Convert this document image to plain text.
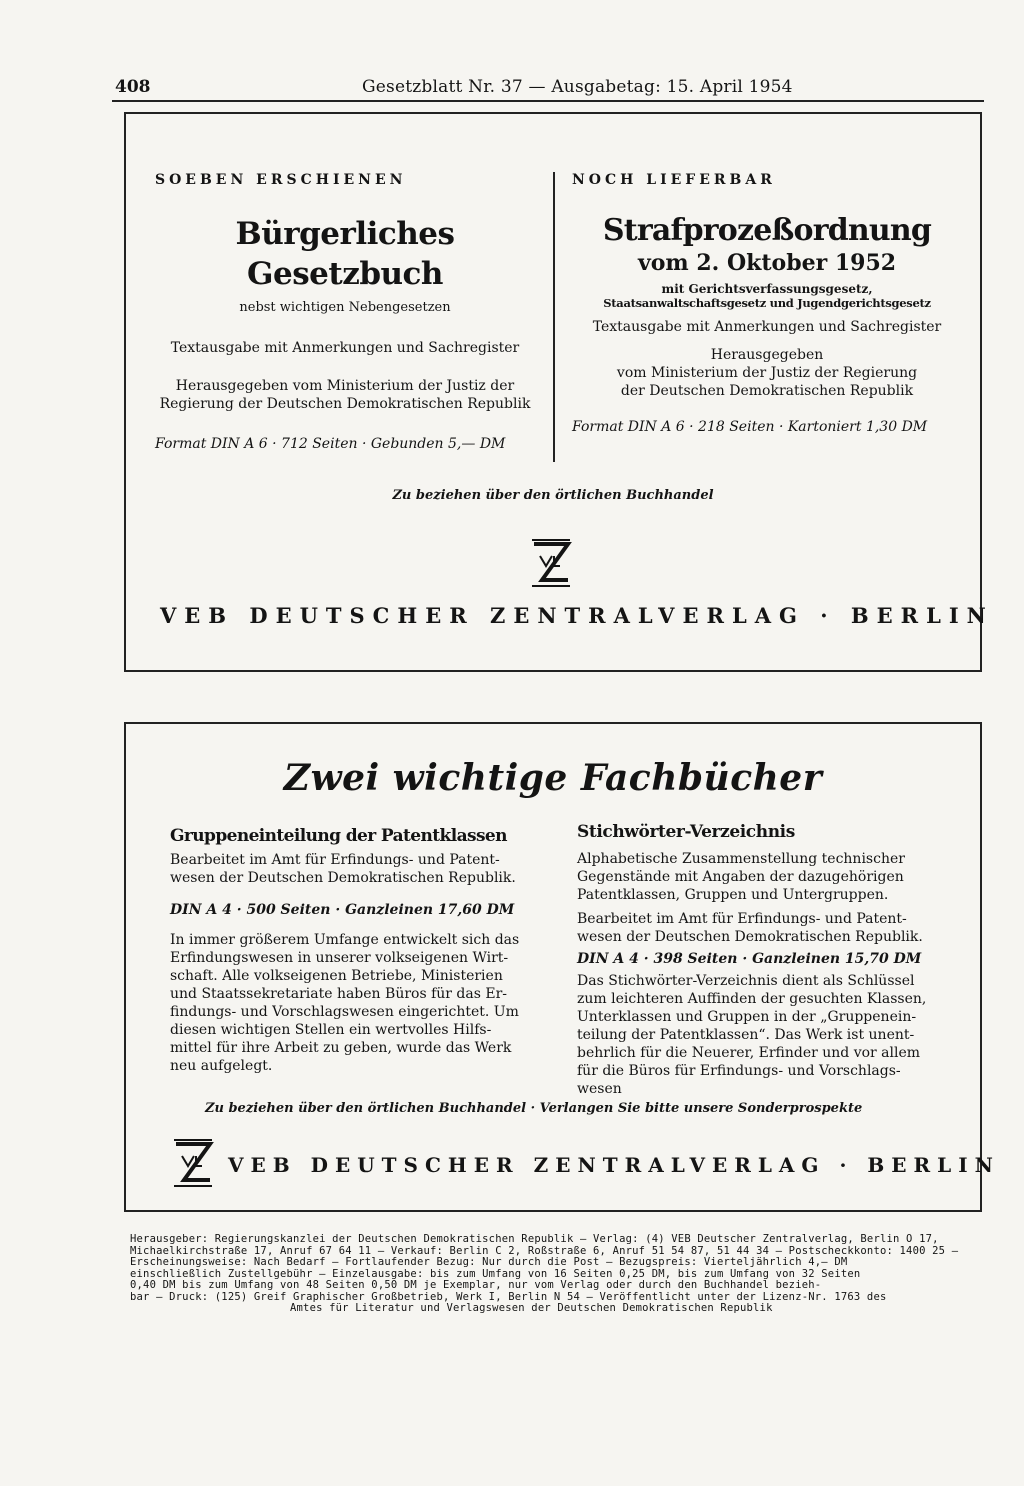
408	Gesetzblatt Nr. 37 — Ausgabetag: 15. April 1954
SOEBEN ERSCHIENEN
Bürgerliches
Gesetzbuch
nebst wichtigen Nebengesetzen
Textausgabe mit Anmerkungen und Sachregister
Herausgegeben vom Ministerium der Justiz der
Regierung der Deutschen Demokratischen Republik
Format DIN A 6 · 712 Seiten · Gebunden 5,— DM
NOCH LIEFERBAR
Strafprozeßordnung
vom 2. Oktober 1952
mit Gerichtsverfassungsgesetz,
Staatsanwaltschaftsgesetz und Jugendgerichtsgesetz
Textausgabe mit Anmerkungen und Sachregister
Herausgegeben
vom Ministerium der Justiz der Regierung
der Deutschen Demokratischen Republik
Format DIN A 6 · 218 Seiten · Kartoniert 1,30 DM
Zu beziehen über den örtlichen Buchhandel
VEB DEUTSCHER ZENTRALVERLAG · BERLIN
Zwei wichtige Fachbücher
Gruppeneinteilung der Patentklassen
Bearbeitet im Amt für Erfindungs- und Patent-
wesen der Deutschen Demokratischen Republik.
DIN A 4 · 500 Seiten · Ganzleinen 17,60 DM
In immer größerem Umfange entwickelt sich das
Erfindungswesen in unserer volkseigenen Wirt-
schaft. Alle volkseigenen Betriebe, Ministerien
und Staatssekretariate haben Büros für das Er-
findungs- und Vorschlagswesen eingerichtet. Um
diesen wichtigen Stellen ein wertvolles Hilfs-
mittel für ihre Arbeit zu geben, wurde das Werk
neu aufgelegt.
Stichwörter-Verzeichnis
Alphabetische Zusammenstellung technischer
Gegenstände mit Angaben der dazugehörigen
Patentklassen, Gruppen und Untergruppen.
Bearbeitet im Amt für Erfindungs- und Patent-
wesen der Deutschen Demokratischen Republik.
DIN A 4 · 398 Seiten · Ganzleinen 15,70 DM
Das Stichwörter-Verzeichnis dient als Schlüssel
zum leichteren Auffinden der gesuchten Klassen,
Unterklassen und Gruppen in der „Gruppenein-
teilung der Patentklassen“. Das Werk ist unent-
behrlich für die Neuerer, Erfinder und vor allem
für die Büros für Erfindungs- und Vorschlags-
wesen
Zu beziehen über den örtlichen Buchhandel · Verlangen Sie bitte unsere Sonderprospekte
VEB DEUTSCHER ZENTRALVERLAG · BERLIN
Herausgeber: Regierungskanzlei der Deutschen Demokratischen Republik — Verlag: (4) VEB Deutscher Zentralverlag, Berlin O 17,
Michaelkirchstraße 17, Anruf 67 64 11 — Verkauf: Berlin C 2, Roßstraße 6, Anruf 51 54 87, 51 44 34 — Postscheckkonto: 1400 25 —
Erscheinungsweise: Nach Bedarf — Fortlaufender Bezug: Nur durch die Post — Bezugspreis: Vierteljährlich 4,— DM
einschließlich Zustellgebühr — Einzelausgabe: bis zum Umfang von 16 Seiten 0,25 DM, bis zum Umfang von 32 Seiten
0,40 DM bis zum Umfang von 48 Seiten 0,50 DM je Exemplar, nur vom Verlag oder durch den Buchhandel bezieh-
bar — Druck: (125) Greif Graphischer Großbetrieb, Werk I, Berlin N 54 — Veröffentlicht unter der Lizenz-Nr. 1763 des
Amtes für Literatur und Verlagswesen der Deutschen Demokratischen Republik
